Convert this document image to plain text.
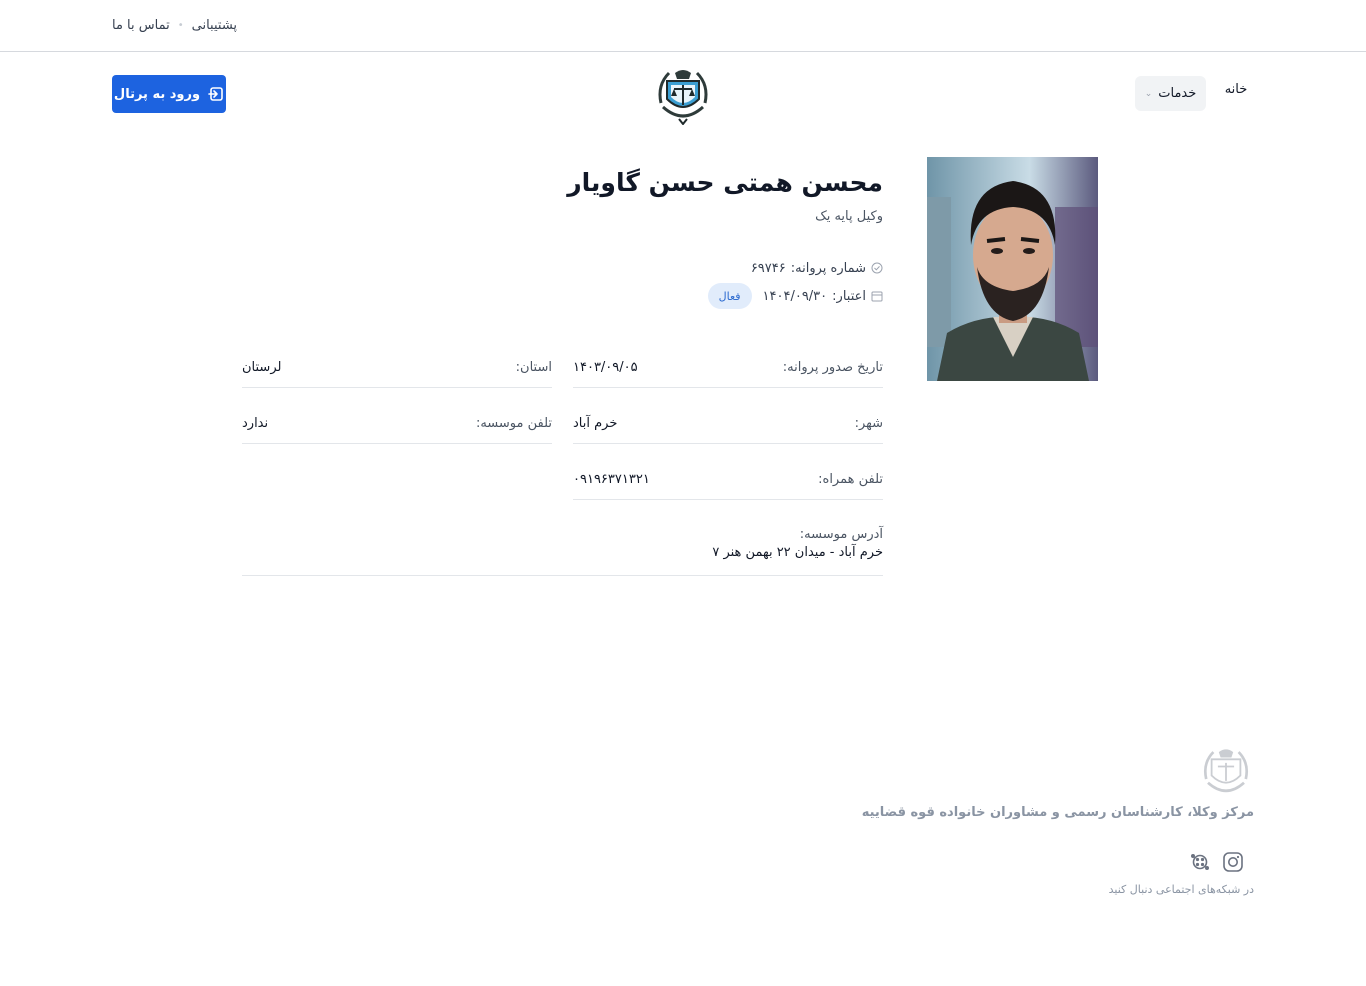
پشتیبانی
•
تماس با ما
خانه
خدمات
⌄
ورود به پرتال
محسن همتی حسن گاویار
وکیل پایه یک
شماره پروانه:
۶۹۷۴۶
اعتبار:
۱۴۰۴/۰۹/۳۰
فعال
تاریخ صدور پروانه:
۱۴۰۳/۰۹/۰۵
استان:
لرستان
شهر:
خرم آباد
تلفن موسسه:
ندارد
تلفن همراه:
۰۹۱۹۶۳۷۱۳۲۱
آدرس موسسه:
خرم آباد - میدان ۲۲ بهمن هنر ۷
مرکز وکلا، کارشناسان رسمی و مشاوران خانواده قوه قضاییه
در شبکه‌های اجتماعی دنبال کنید
